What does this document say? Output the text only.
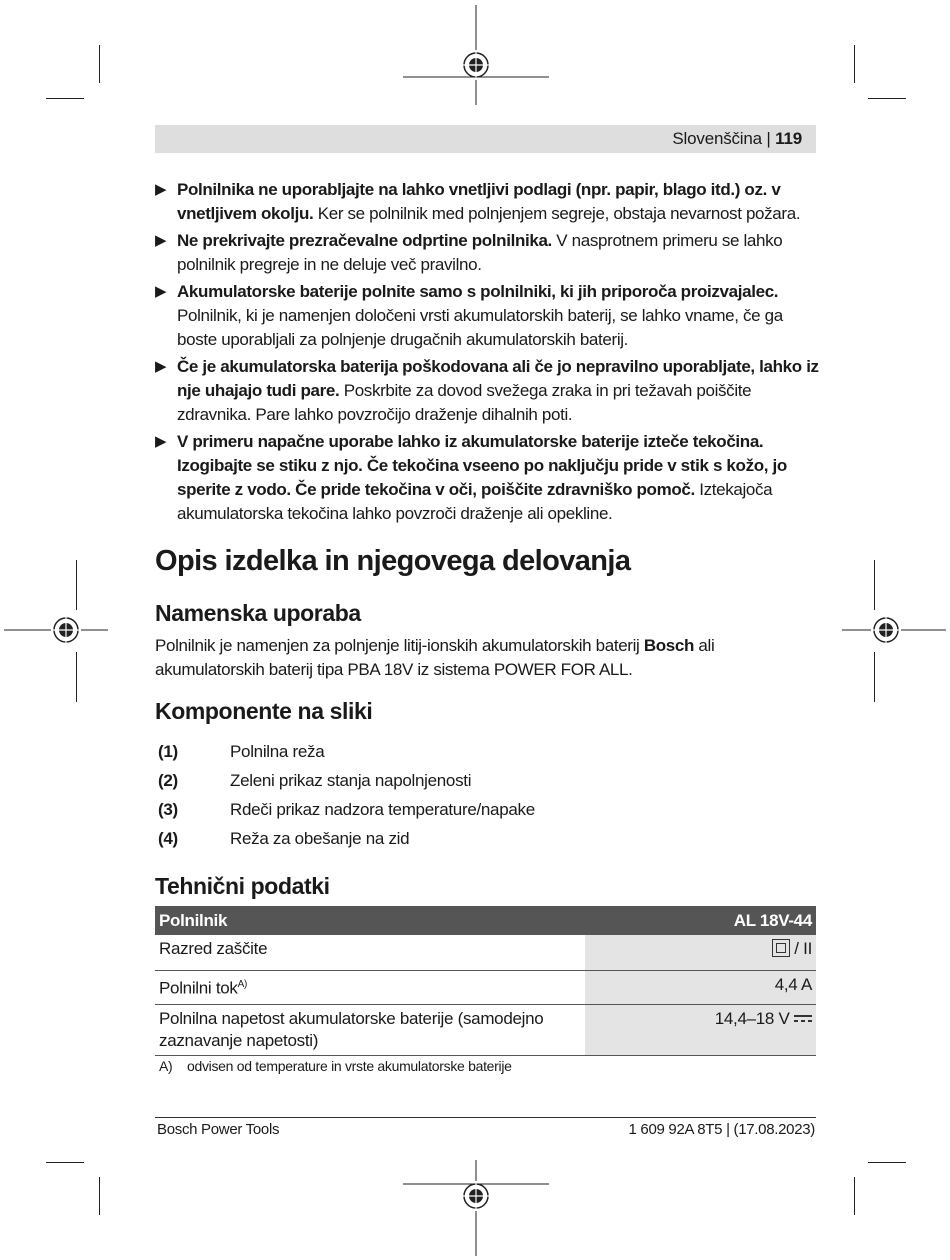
Slovenščina | 119
▶ Polnilnika ne uporabljajte na lahko vnetljivi podlagi (npr. papir, blago itd.) oz. v vnetljivem okolju. Ker se polnilnik med polnjenjem segreje, obstaja nevarnost požara.
▶ Ne prekrivajte prezračevalne odprtine polnilnika. V nasprotnem primeru se lahko polnilnik pregreje in ne deluje več pravilno.
▶ Akumulatorske baterije polnite samo s polnilniki, ki jih priporoča proizvajalec. Polnilnik, ki je namenjen določeni vrsti akumulatorskih baterij, se lahko vname, če ga boste uporabljali za polnjenje drugačnih akumulatorskih baterij.
▶ Če je akumulatorska baterija poškodovana ali če jo nepravilno uporabljate, lahko iz nje uhajajo tudi pare. Poskrbite za dovod svežega zraka in pri težavah poiščite zdravnika. Pare lahko povzročijo draženje dihalnih poti.
▶ V primeru napačne uporabe lahko iz akumulatorske baterije izteče tekočina. Izogibajte se stiku z njo. Če tekočina vseeno po naključju pride v stik s kožo, jo sperite z vodo. Če pride tekočina v oči, poiščite zdravniško pomoč. Iztekajoča akumulatorska tekočina lahko povzroči draženje ali opekline.
Opis izdelka in njegovega delovanja
Namenska uporaba
Polnilnik je namenjen za polnjenje litij-ionskih akumulatorskih baterij Bosch ali akumulatorskih baterij tipa PBA 18V iz sistema POWER FOR ALL.
Komponente na sliki
(1)	Polnilna reža
(2)	Zeleni prikaz stanja napolnjenosti
(3)	Rdeči prikaz nadzora temperature/napake
(4)	Reža za obešanje na zid
Tehnični podatki
Polnilnik	AL 18V-44
Razred zaščite	/ II
Polnilni tok$^{A)}$	4,4 A
Polnilna napetost akumulatorske baterije (samodejno zaznavanje napetosti)	14,4–18 V
A) odvisen od temperature in vrste akumulatorske baterije
Bosch Power Tools	1 609 92A 8T5 | (17.08.2023)
